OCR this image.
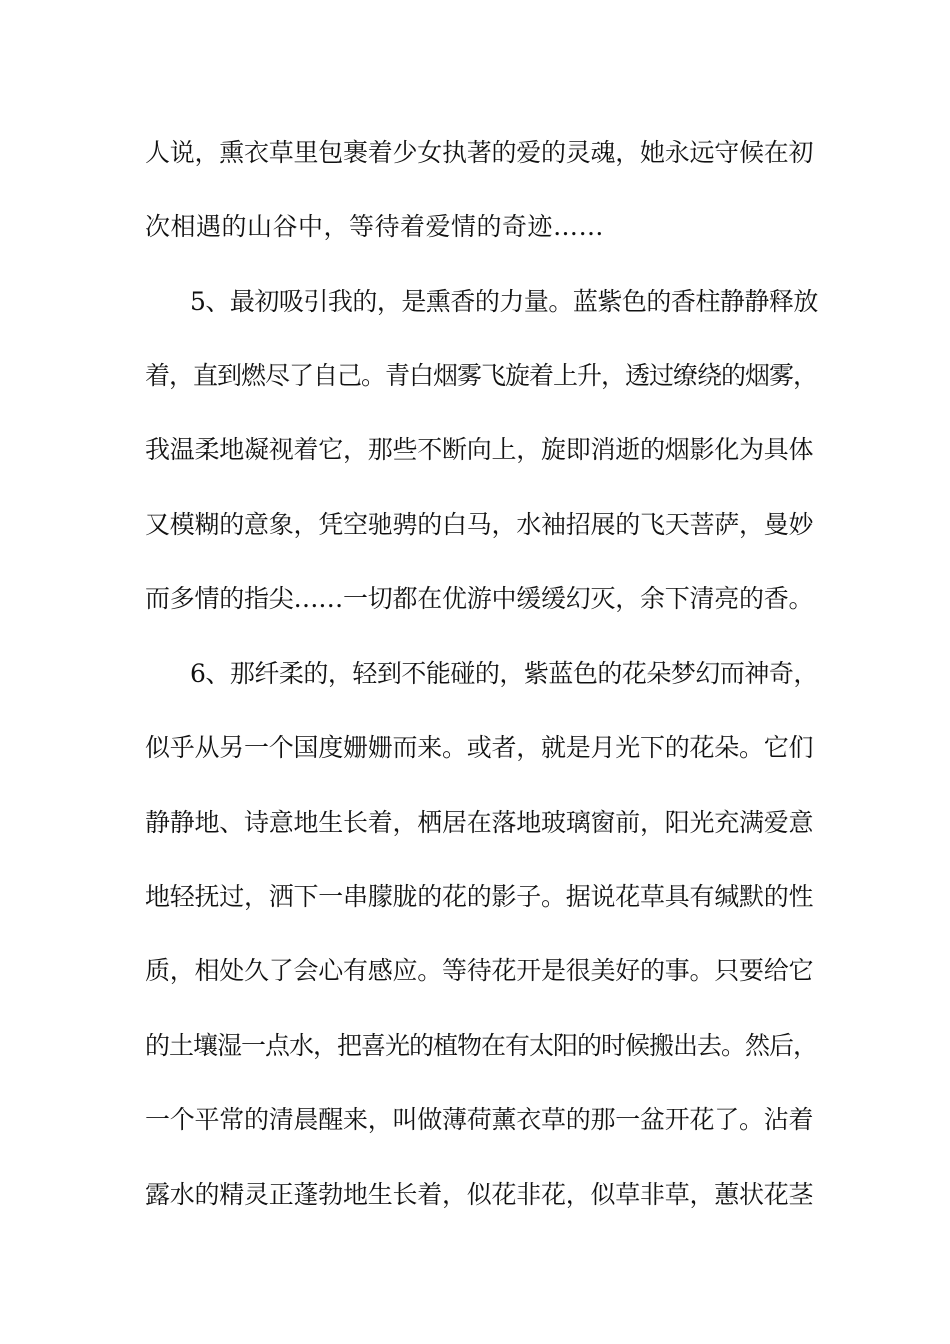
人说，熏衣草里包裹着少女执著的爱的灵魂，她永远守候在初
次相遇的山谷中，等待着爱情的奇迹……
5、最初吸引我的，是熏香的力量。蓝紫色的香柱静静释放
着，直到燃尽了自己。青白烟雾飞旋着上升，透过缭绕的烟雾，
我温柔地凝视着它，那些不断向上，旋即消逝的烟影化为具体
又模糊的意象，凭空驰骋的白马，水袖招展的飞天菩萨，曼妙
而多情的指尖……一切都在优游中缓缓幻灭，余下清亮的香。
6、那纤柔的，轻到不能碰的，紫蓝色的花朵梦幻而神奇，
似乎从另一个国度姗姗而来。或者，就是月光下的花朵。它们
静静地、诗意地生长着，栖居在落地玻璃窗前，阳光充满爱意
地轻抚过，洒下一串朦胧的花的影子。据说花草具有缄默的性
质，相处久了会心有感应。等待花开是很美好的事。只要给它
的土壤湿一点水，把喜光的植物在有太阳的时候搬出去。然后，
一个平常的清晨醒来，叫做薄荷薰衣草的那一盆开花了。沾着
露水的精灵正蓬勃地生长着，似花非花，似草非草，蕙状花茎
